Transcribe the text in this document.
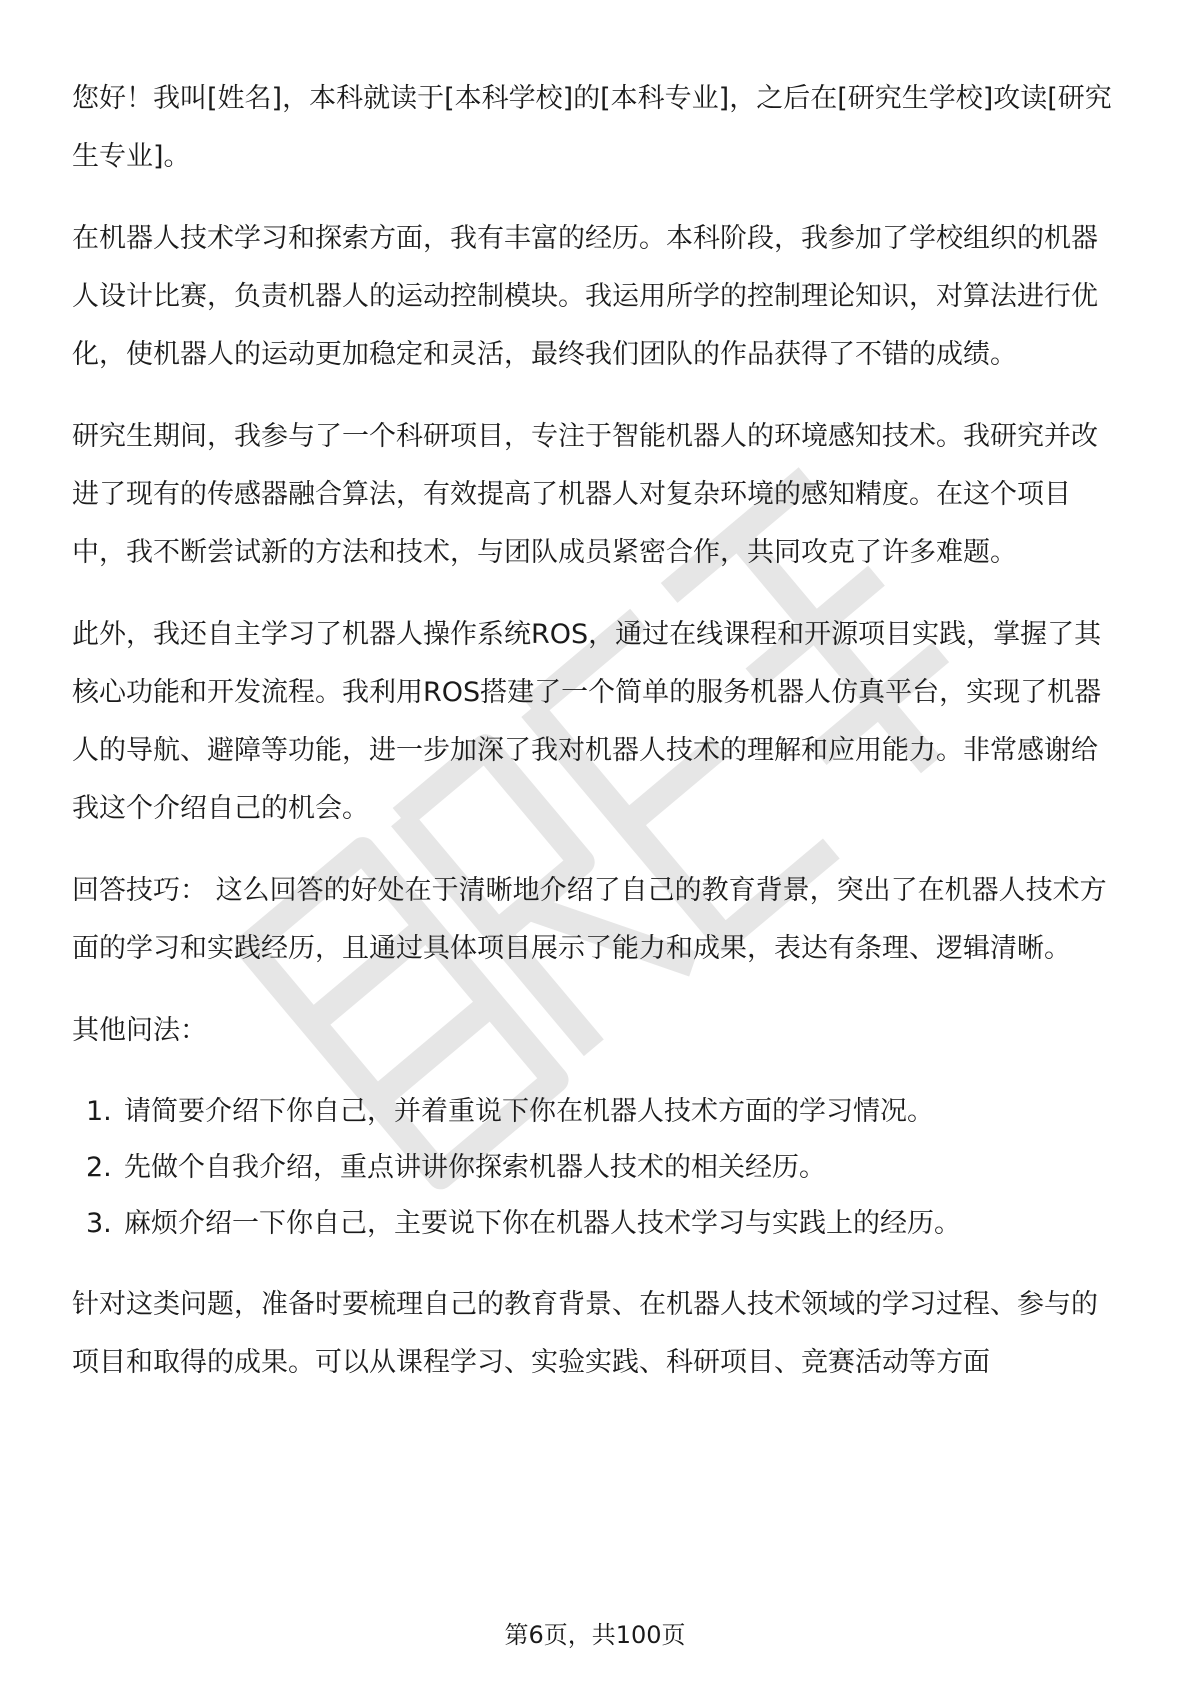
您好！我叫[姓名]，本科就读于[本科学校]的[本科专业]，之后在[研究生学校]攻读[研究生专业]。

在机器人技术学习和探索方面，我有丰富的经历。本科阶段，我参加了学校组织的机器人设计比赛，负责机器人的运动控制模块。我运用所学的控制理论知识，对算法进行优化，使机器人的运动更加稳定和灵活，最终我们团队的作品获得了不错的成绩。

研究生期间，我参与了一个科研项目，专注于智能机器人的环境感知技术。我研究并改进了现有的传感器融合算法，有效提高了机器人对复杂环境的感知精度。在这个项目中，我不断尝试新的方法和技术，与团队成员紧密合作，共同攻克了许多难题。

此外，我还自主学习了机器人操作系统ROS，通过在线课程和开源项目实践，掌握了其核心功能和开发流程。我利用ROS搭建了一个简单的服务机器人仿真平台，实现了机器人的导航、避障等功能，进一步加深了我对机器人技术的理解和应用能力。非常感谢给我这个介绍自己的机会。

回答技巧： 这么回答的好处在于清晰地介绍了自己的教育背景，突出了在机器人技术方面的学习和实践经历，且通过具体项目展示了能力和成果，表达有条理、逻辑清晰。

其他问法：

1. 请简要介绍下你自己，并着重说下你在机器人技术方面的学习情况。
2. 先做个自我介绍，重点讲讲你探索机器人技术的相关经历。
3. 麻烦介绍一下你自己，主要说下你在机器人技术学习与实践上的经历。

针对这类问题，准备时要梳理自己的教育背景、在机器人技术领域的学习过程、参与的项目和取得的成果。可以从课程学习、实验实践、科研项目、竞赛活动等方面

第6页，共100页
